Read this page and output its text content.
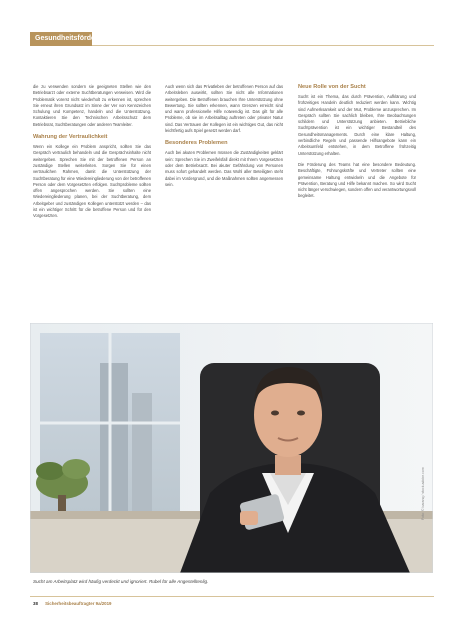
Gesundheitsförderung

die zu verwenden sondern sie geeigneten Stellen wie den Betriebsarzt oder externe Suchtberatungen verweisen. Wird die Problematik vorerst nicht wiederholt zu erkennen ist, sprechen Sie erneut ihren Grundsatz im Sinne der Ver von Kennzeichen Schulung und Kompetenz, handeln und die Unterstützung. Kontaktieren Sie den Technischen Arbeitsschutz dem Betriebsrat, Suchtberatungen oder anderen Teamleiter.

Wahrung der Vertraulichkeit

Wenn ein Kollege ein Problem anspricht, sollten Sie das Gespräch vertraulich behandeln und die Gesprächsinhalte nicht weitergeben. Sprechen Sie mit der betroffenen Person an zuständige Stellen weiterleiten. Sorgen Sie für einen vertraulichen Rahmen, damit die Unterstützung der Suchtberatung für eine Wiedereingliederung von der betroffenen Person oder dem Vorgesetzten erfolgen. Suchtprobleme sollten offen angesprochen werden. Sie sollten eine Wiedereingliederung planen, bei der Suchtberatung, dem Arbeitgeber und zuständigen Kollegen unterstützt werden – das ist ein wichtiger Schritt für die betroffene Person und für den Vorgesetzten.

Auch wenn sich das Privatleben der betroffenen Person auf das Arbeitsleben auswirkt, sollten Sie nicht alle Informationen weitergeben. Die Betroffenen brauchen Ihre Unterstützung ohne Bewertung. Sie sollten erkennen, wann Grenzen erreicht sind und wann professionelle Hilfe notwendig ist. Das gilt für alle Probleme, ob sie im Arbeitsalltag auftreten oder privater Natur sind. Das Vertrauen der Kollegen ist ein wichtiges Gut, das nicht leichtfertig aufs Spiel gesetzt werden darf.

Besonderes Problemen

Auch bei akuten Problemen müssen die Zuständigkeiten geklärt sein: Sprechen Sie im Zweifelsfall direkt mit Ihrem Vorgesetzten oder dem Betriebsarzt. Bei akuter Gefährdung von Personen muss sofort gehandelt werden. Das Wohl aller Beteiligten steht dabei im Vordergrund, und die Maßnahmen sollten angemessen sein.

Neue Rolle von der Sucht

Sucht ist ein Thema, das durch Prävention, Aufklärung und frühzeitiges Handeln deutlich reduziert werden kann. Wichtig sind Aufmerksamkeit und der Mut, Probleme anzusprechen. Im Gespräch sollten Sie sachlich bleiben, Ihre Beobachtungen schildern und Unterstützung anbieten. Betriebliche Suchtprävention ist ein wichtiger Bestandteil des Gesundheitsmanagements. Durch eine klare Haltung, verbindliche Regeln und passende Hilfsangebote kann ein Arbeitsumfeld entstehen, in dem Betroffene frühzeitig Unterstützung erhalten.

Die Förderung des Teams hat eine besondere Bedeutung. Beschäftigte, Führungskräfte und Vertreter sollten eine gemeinsame Haltung entwickeln und die Angebote für Prävention, Beratung und Hilfe bekannt machen. So wird Sucht nicht länger verschwiegen, sondern offen und verantwortungsvoll begleitet.

Foto: © baranq / stock.adobe.com
Sucht am Arbeitsplatz wird häufig verdeckt und ignoriert. Rubel für alle Angestelltenlig.
38 Sicherheitsbeauftragter 9a/2019
